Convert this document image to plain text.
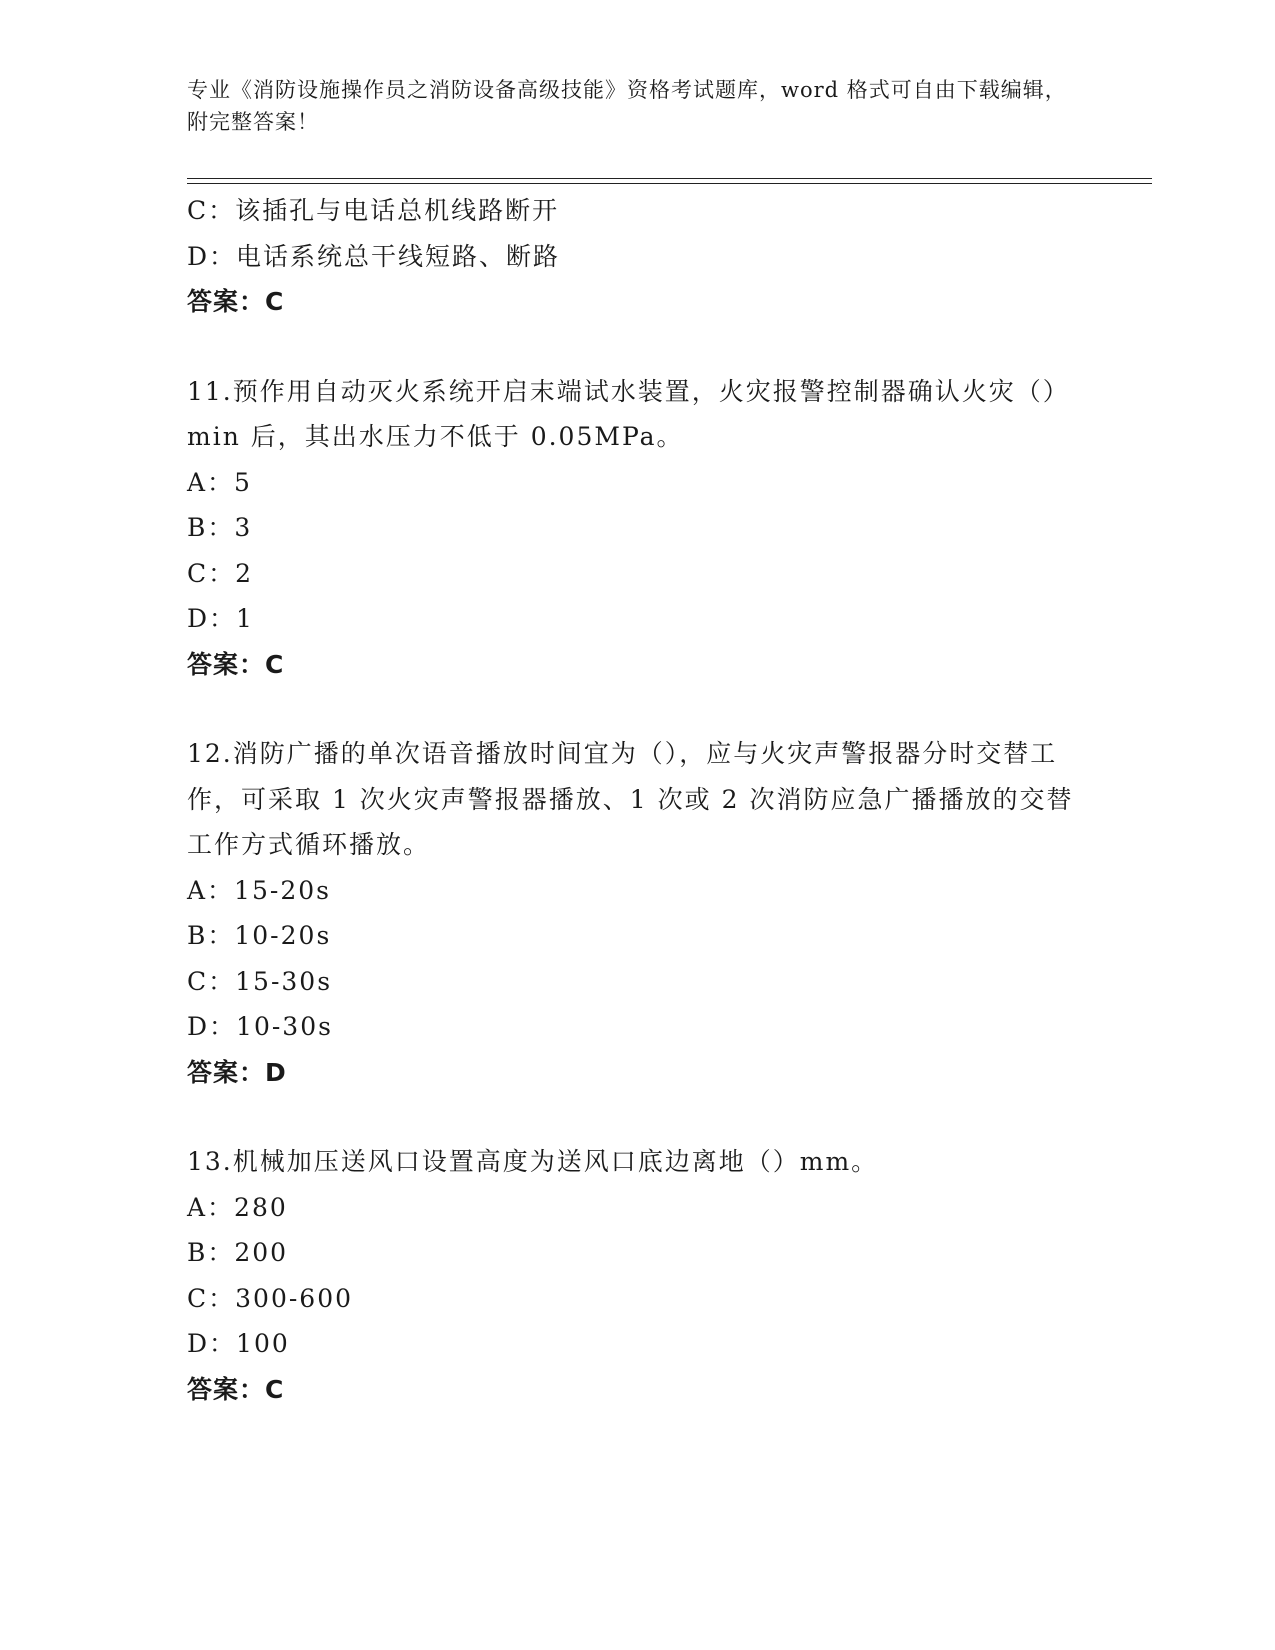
专业《消防设施操作员之消防设备高级技能》资格考试题库，word 格式可自由下载编辑，附完整答案！
C：该插孔与电话总机线路断开
D：电话系统总干线短路、断路
答案：C
11.预作用自动灭火系统开启末端试水装置，火灾报警控制器确认火灾（）min 后，其出水压力不低于 0.05MPa。
A：5
B：3
C：2
D：1
答案：C
12.消防广播的单次语音播放时间宜为（），应与火灾声警报器分时交替工作，可采取 1 次火灾声警报器播放、1 次或 2 次消防应急广播播放的交替工作方式循环播放。
A：15-20s
B：10-20s
C：15-30s
D：10-30s
答案：D
13.机械加压送风口设置高度为送风口底边离地（）mm。
A：280
B：200
C：300-600
D：100
答案：C
